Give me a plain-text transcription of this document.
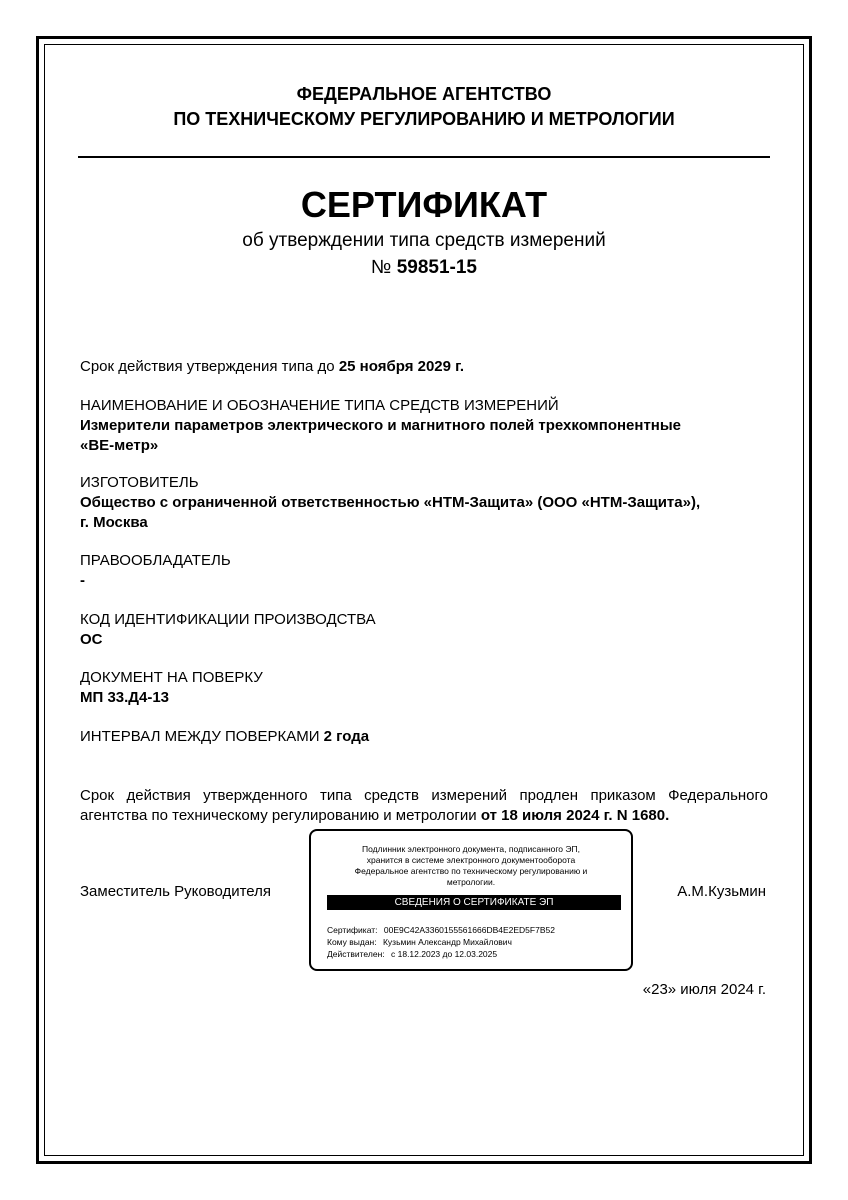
ФЕДЕРАЛЬНОЕ АГЕНТСТВО
ПО ТЕХНИЧЕСКОМУ РЕГУЛИРОВАНИЮ И МЕТРОЛОГИИ
СЕРТИФИКАТ
об утверждении типа средств измерений
№ 59851-15
Срок действия утверждения типа до 25 ноября 2029 г.
НАИМЕНОВАНИЕ И ОБОЗНАЧЕНИЕ ТИПА СРЕДСТВ ИЗМЕРЕНИЙ
Измерители параметров электрического и магнитного полей трехкомпонентные
«ВЕ-метр»
ИЗГОТОВИТЕЛЬ
Общество с ограниченной ответственностью «НТМ-Защита» (ООО «НТМ-Защита»),
г. Москва
ПРАВООБЛАДАТЕЛЬ
-
КОД ИДЕНТИФИКАЦИИ ПРОИЗВОДСТВА
ОС
ДОКУМЕНТ НА ПОВЕРКУ
МП 33.Д4-13
ИНТЕРВАЛ МЕЖДУ ПОВЕРКАМИ 2 года
Срок действия утвержденного типа средств измерений продлен приказом Федерального агентства по техническому регулированию и метрологии от 18 июля 2024 г. N 1680.
Заместитель Руководителя	А.М.Кузьмин
Подлинник электронного документа, подписанного ЭП,
хранится в системе электронного документооборота
Федеральное агентство по техническому регулированию и
метрологии.
СВЕДЕНИЯ О СЕРТИФИКАТЕ ЭП
Сертификат: 00E9C42A3360155561666DB4E2ED5F7B52
Кому выдан: Кузьмин Александр Михайлович
Действителен: с 18.12.2023 до 12.03.2025
«23» июля 2024 г.
